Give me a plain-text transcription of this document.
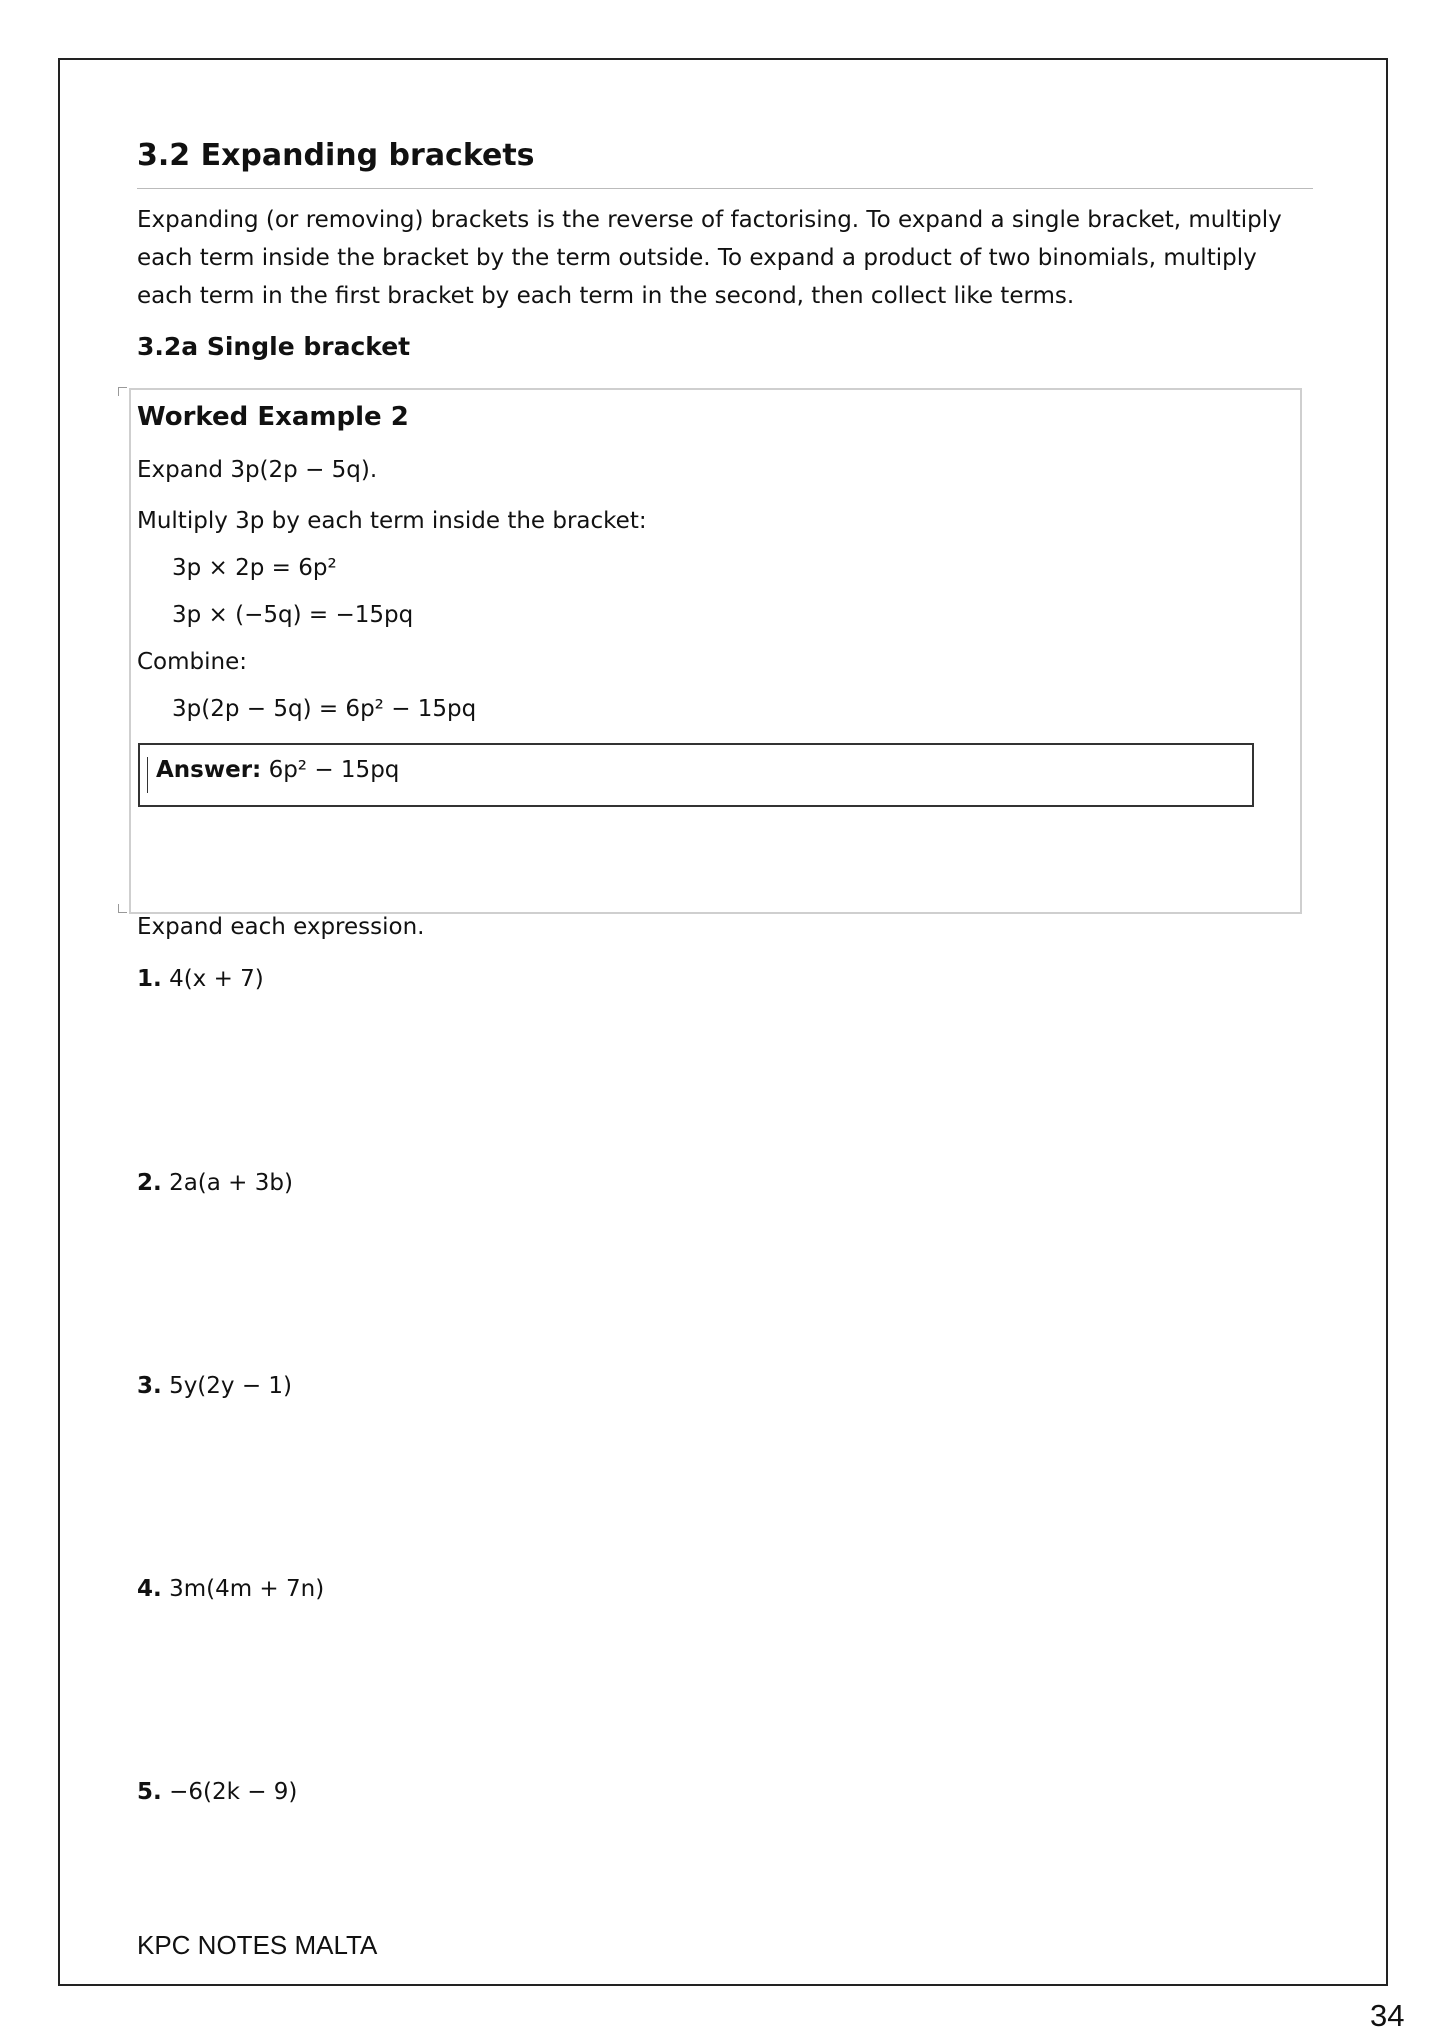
3.2 Expanding brackets
Expanding (or removing) brackets is the reverse of factorising. To expand a single bracket, multiply each term inside the bracket by the term outside. To expand a product of two binomials, multiply each term in the first bracket by each term in the second, then collect like terms.
3.2a Single bracket
Worked Example 2
Expand 3p(2p − 5q).
Multiply 3p by each term inside the bracket:
3p × 2p = 6p²
3p × (−5q) = −15pq
Combine:
3p(2p − 5q) = 6p² − 15pq
Answer: 6p² − 15pq
Expand each expression.
1. 4(x + 7)
2. 2a(a + 3b)
3. 5y(2y − 1)
4. 3m(4m + 7n)
5. −6(2k − 9)
KPC NOTES MALTA
34
